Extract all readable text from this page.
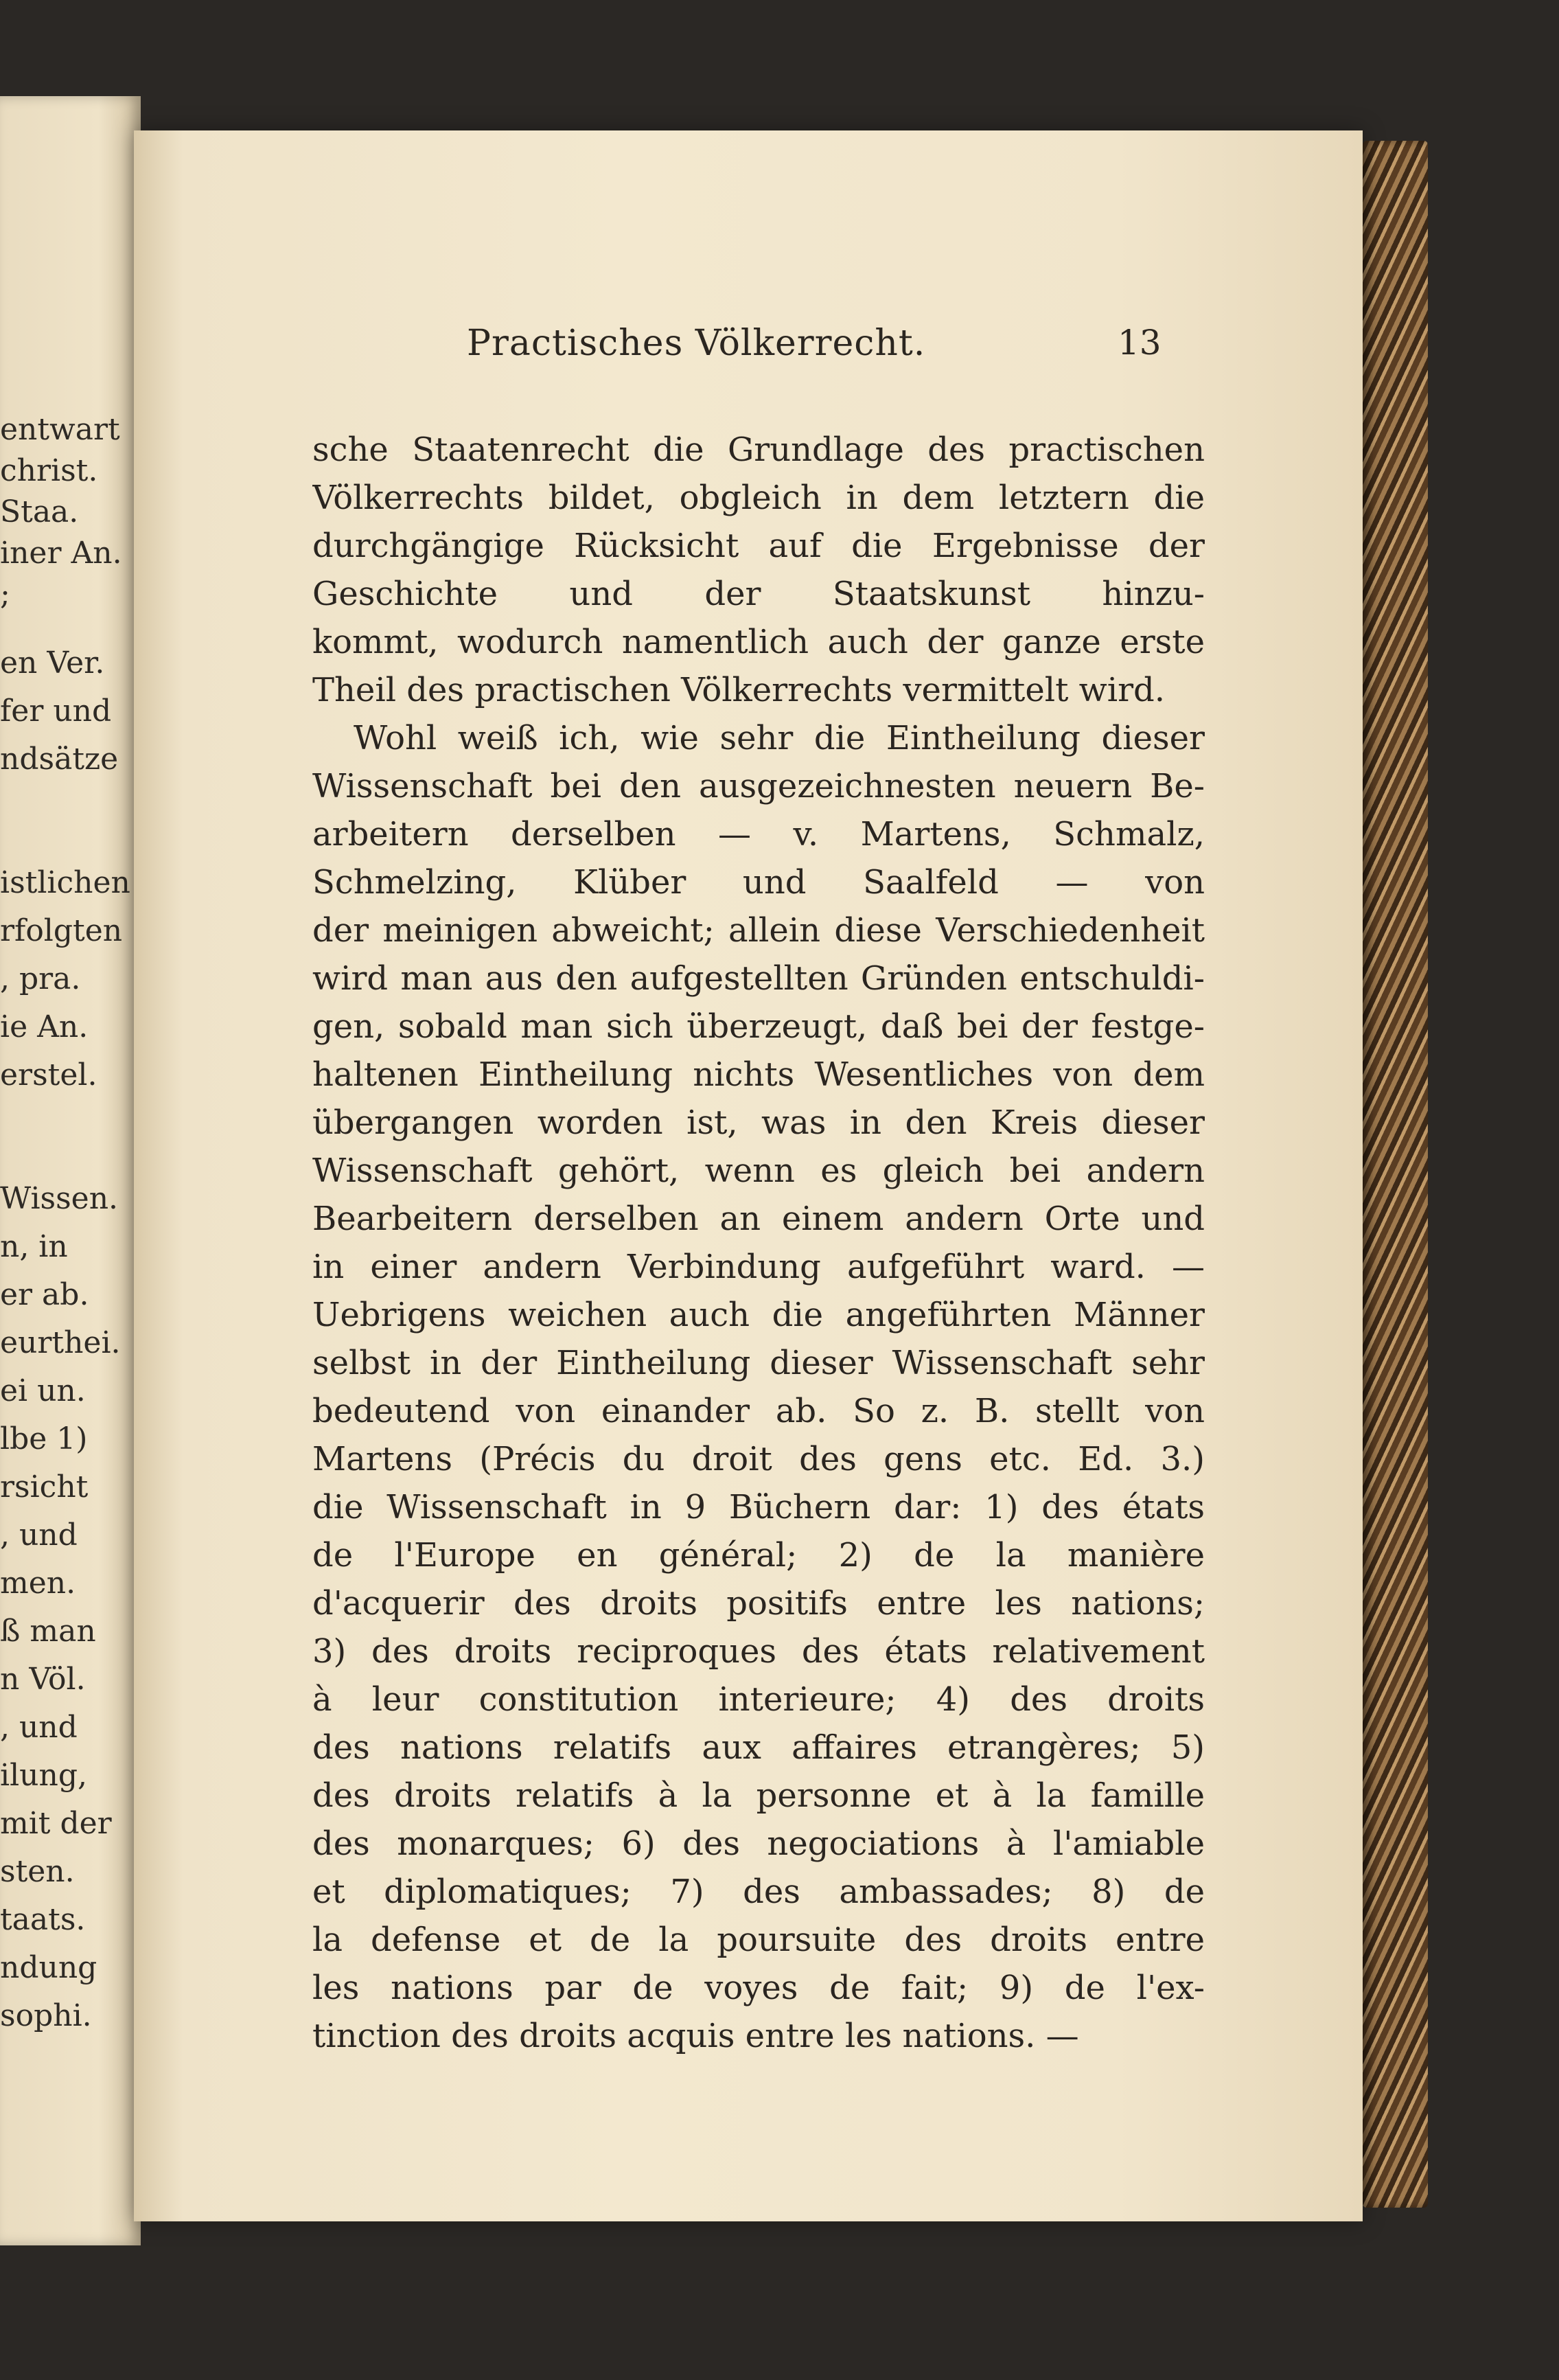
entwart
christ.
Staa.
iner An.
;
en Ver.
fer und
ndsätze
istlichen
rfolgten
, pra.
ie An.
erstel.
Wissen.
n, in
er ab.
eurthei.
ei un.
lbe 1)
rsicht
, und
men.
ß man
n Völ.
, und
ilung,
mit der
sten.
taats.
ndung
sophi.
Practisches Völkerrecht.	13
sche Staatenrecht die Grundlage des practischen
Völkerrechts bildet, obgleich in dem letztern die
durchgängige Rücksicht auf die Ergebnisse der
Geschichte und der Staatskunst hinzu-
kommt, wodurch namentlich auch der ganze erste
Theil des practischen Völkerrechts vermittelt wird.
Wohl weiß ich, wie sehr die Eintheilung dieser
Wissenschaft bei den ausgezeichnesten neuern Be-
arbeitern derselben — v. Martens, Schmalz,
Schmelzing, Klüber und Saalfeld — von
der meinigen abweicht; allein diese Verschiedenheit
wird man aus den aufgestellten Gründen entschuldi-
gen, sobald man sich überzeugt, daß bei der festge-
haltenen Eintheilung nichts Wesentliches von dem
übergangen worden ist, was in den Kreis dieser
Wissenschaft gehört, wenn es gleich bei andern
Bearbeitern derselben an einem andern Orte und
in einer andern Verbindung aufgeführt ward. —
Uebrigens weichen auch die angeführten Männer
selbst in der Eintheilung dieser Wissenschaft sehr
bedeutend von einander ab. So z. B. stellt von
Martens (Précis du droit des gens etc. Ed. 3.)
die Wissenschaft in 9 Büchern dar: 1) des états
de l'Europe en général; 2) de la manière
d'acquerir des droits positifs entre les nations;
3) des droits reciproques des états relativement
à leur constitution interieure; 4) des droits
des nations relatifs aux affaires etrangères; 5)
des droits relatifs à la personne et à la famille
des monarques; 6) des negociations à l'amiable
et diplomatiques; 7) des ambassades; 8) de
la defense et de la poursuite des droits entre
les nations par de voyes de fait; 9) de l'ex-
tinction des droits acquis entre les nations. —
